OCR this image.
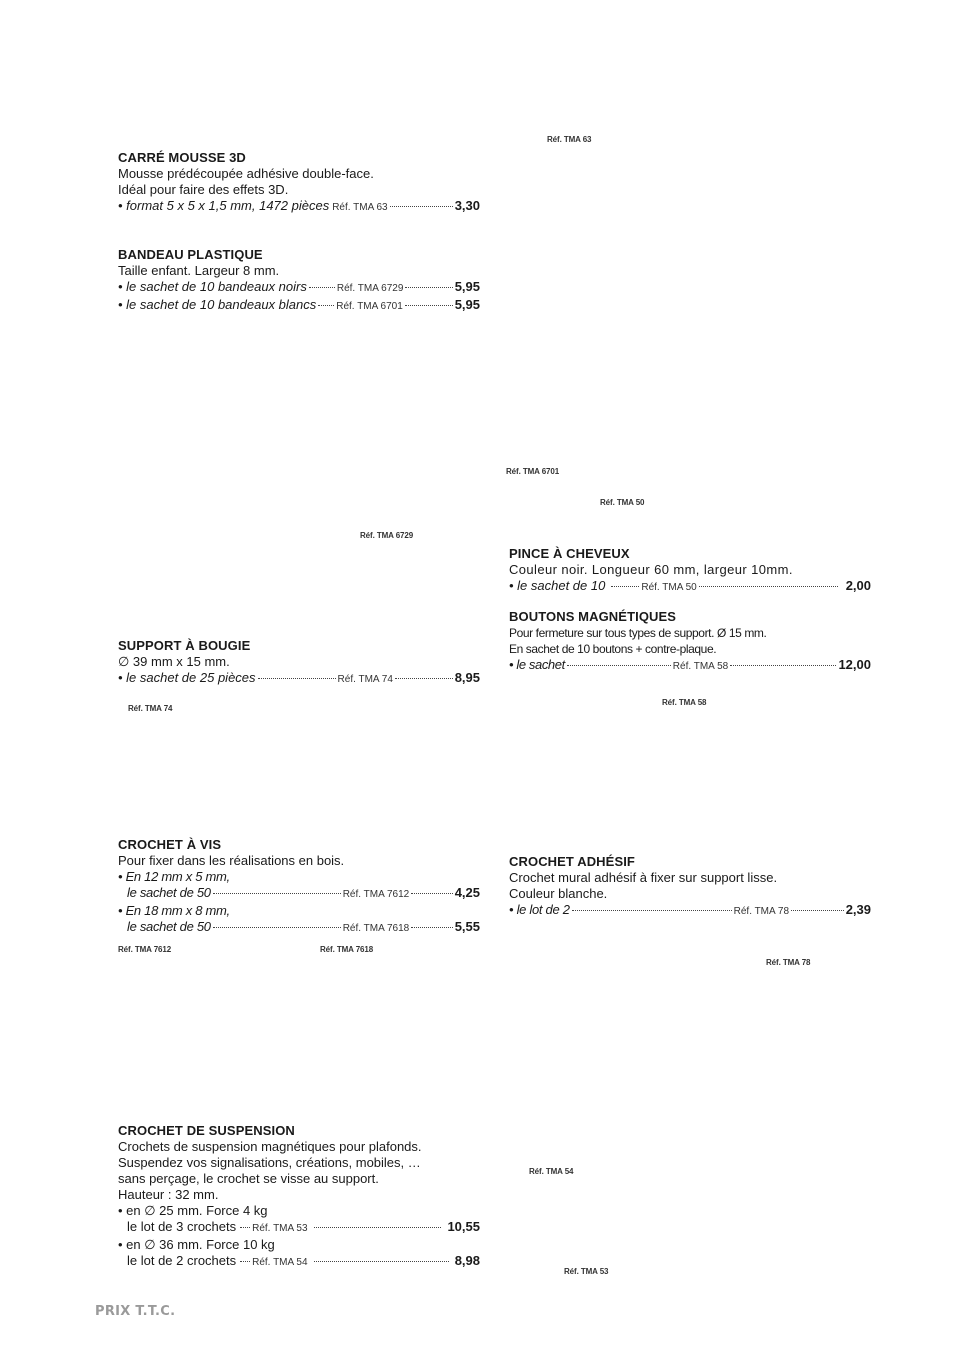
Réf. TMA 63
Réf. TMA 6701
Réf. TMA 50
Réf. TMA 6729
Réf. TMA 58
Réf. TMA 74
Réf. TMA 7612	Réf. TMA 7618
Réf. TMA 78
Réf. TMA 54
Réf. TMA 53
CARRÉ MOUSSE 3D
Mousse prédécoupée adhésive double-face.
Idéal pour faire des effets 3D.
• format 5 x 5 x 1,5 mm, 1472 pièces Réf. TMA 63	3,30
BANDEAU PLASTIQUE
Taille enfant. Largeur 8 mm.
• le sachet de 10 bandeaux noirs	Réf. TMA 6729	5,95
• le sachet de 10 bandeaux blancs Réf. TMA 6701	5,95
PINCE À CHEVEUX
Couleur noir. Longueur 60 mm, largeur 10mm.
• le sachet de 10	Réf. TMA 50	2,00
BOUTONS MAGNÉTIQUES
Pour fermeture sur tous types de support. Ø 15 mm.
En sachet de 10 boutons + contre-plaque.
• le sachet	Réf. TMA 58	12,00
SUPPORT À BOUGIE
∅ 39 mm x 15 mm.
• le sachet de 25 pièces	Réf. TMA 74	8,95
CROCHET À VIS
Pour fixer dans les réalisations en bois.
• En 12 mm x 5 mm,
le sachet de 50	Réf. TMA 7612	4,25
• En 18 mm x 8 mm,
le sachet de 50	Réf. TMA 7618	5,55
CROCHET ADHÉSIF
Crochet mural adhésif à fixer sur support lisse.
Couleur blanche.
• le lot de 2	Réf. TMA 78	2,39
CROCHET DE SUSPENSION
Crochets de suspension magnétiques pour plafonds.
Suspendez vos signalisations, créations, mobiles, …
sans perçage, le crochet se visse au support.
Hauteur : 32 mm.
• en ∅ 25 mm. Force 4 kg
le lot de 3 crochets Réf. TMA 53	10,55
• en ∅ 36 mm. Force 10 kg
le lot de 2 crochets Réf. TMA 54	8,98
PRIX T.T.C.
